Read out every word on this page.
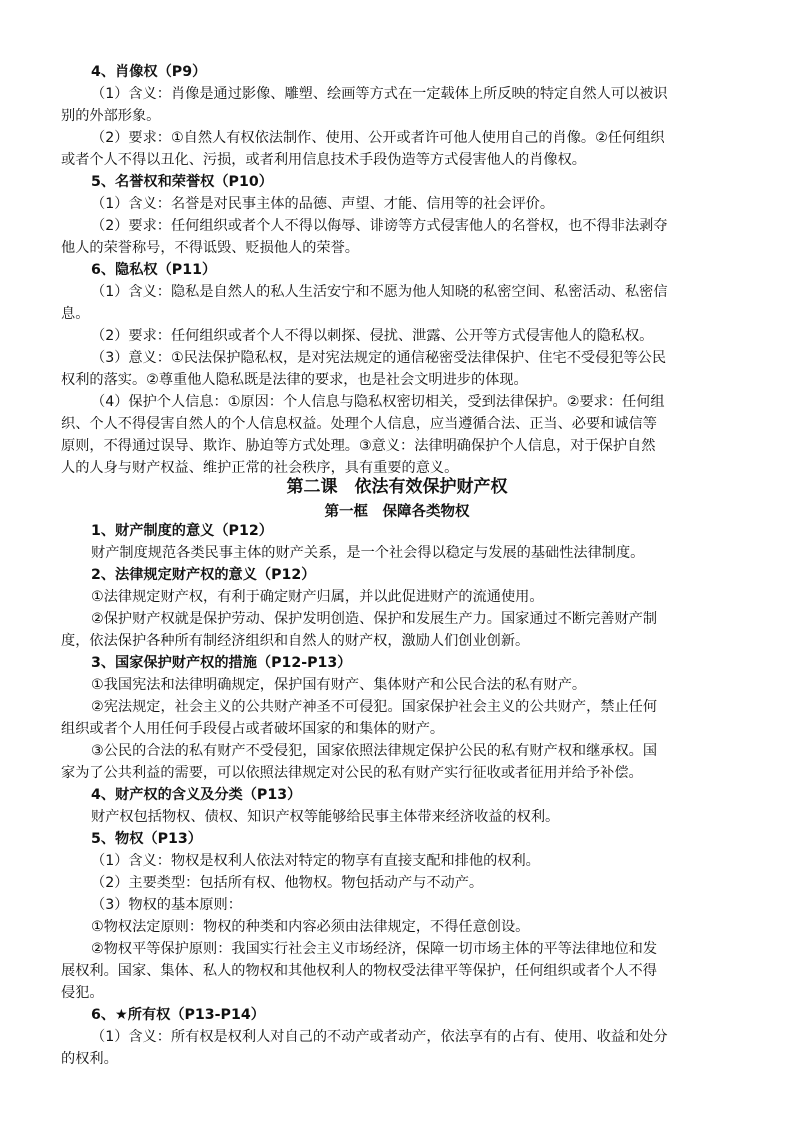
4、肖像权（P9）
（1）含义：肖像是通过影像、雕塑、绘画等方式在一定载体上所反映的特定自然人可以被识
别的外部形象。
（2）要求：①自然人有权依法制作、使用、公开或者许可他人使用自己的肖像。②任何组织
或者个人不得以丑化、污损，或者利用信息技术手段伪造等方式侵害他人的肖像权。
5、名誉权和荣誉权（P10）
（1）含义：名誉是对民事主体的品德、声望、才能、信用等的社会评价。
（2）要求：任何组织或者个人不得以侮辱、诽谤等方式侵害他人的名誉权，也不得非法剥夺
他人的荣誉称号，不得诋毁、贬损他人的荣誉。
6、隐私权（P11）
（1）含义：隐私是自然人的私人生活安宁和不愿为他人知晓的私密空间、私密活动、私密信
息。
（2）要求：任何组织或者个人不得以刺探、侵扰、泄露、公开等方式侵害他人的隐私权。
（3）意义：①民法保护隐私权，是对宪法规定的通信秘密受法律保护、住宅不受侵犯等公民
权利的落实。②尊重他人隐私既是法律的要求，也是社会文明进步的体现。
（4）保护个人信息：①原因：个人信息与隐私权密切相关，受到法律保护。②要求：任何组
织、个人不得侵害自然人的个人信息权益。处理个人信息，应当遵循合法、正当、必要和诚信等
原则，不得通过误导、欺诈、胁迫等方式处理。③意义：法律明确保护个人信息，对于保护自然
人的人身与财产权益、维护正常的社会秩序，具有重要的意义。
第二课　依法有效保护财产权
第一框　保障各类物权
1、财产制度的意义（P12）
财产制度规范各类民事主体的财产关系，是一个社会得以稳定与发展的基础性法律制度。
2、法律规定财产权的意义（P12）
①法律规定财产权，有利于确定财产归属，并以此促进财产的流通使用。
②保护财产权就是保护劳动、保护发明创造、保护和发展生产力。国家通过不断完善财产制
度，依法保护各种所有制经济组织和自然人的财产权，激励人们创业创新。
3、国家保护财产权的措施（P12-P13）
①我国宪法和法律明确规定，保护国有财产、集体财产和公民合法的私有财产。
②宪法规定，社会主义的公共财产神圣不可侵犯。国家保护社会主义的公共财产，禁止任何
组织或者个人用任何手段侵占或者破坏国家的和集体的财产。
③公民的合法的私有财产不受侵犯，国家依照法律规定保护公民的私有财产权和继承权。国
家为了公共利益的需要，可以依照法律规定对公民的私有财产实行征收或者征用并给予补偿。
4、财产权的含义及分类（P13）
财产权包括物权、债权、知识产权等能够给民事主体带来经济收益的权利。
5、物权（P13）
（1）含义：物权是权利人依法对特定的物享有直接支配和排他的权利。
（2）主要类型：包括所有权、他物权。物包括动产与不动产。
（3）物权的基本原则：
①物权法定原则：物权的种类和内容必须由法律规定，不得任意创设。
②物权平等保护原则：我国实行社会主义市场经济，保障一切市场主体的平等法律地位和发
展权利。国家、集体、私人的物权和其他权利人的物权受法律平等保护，任何组织或者个人不得
侵犯。
6、★所有权（P13-P14）
（1）含义：所有权是权利人对自己的不动产或者动产，依法享有的占有、使用、收益和处分
的权利。
